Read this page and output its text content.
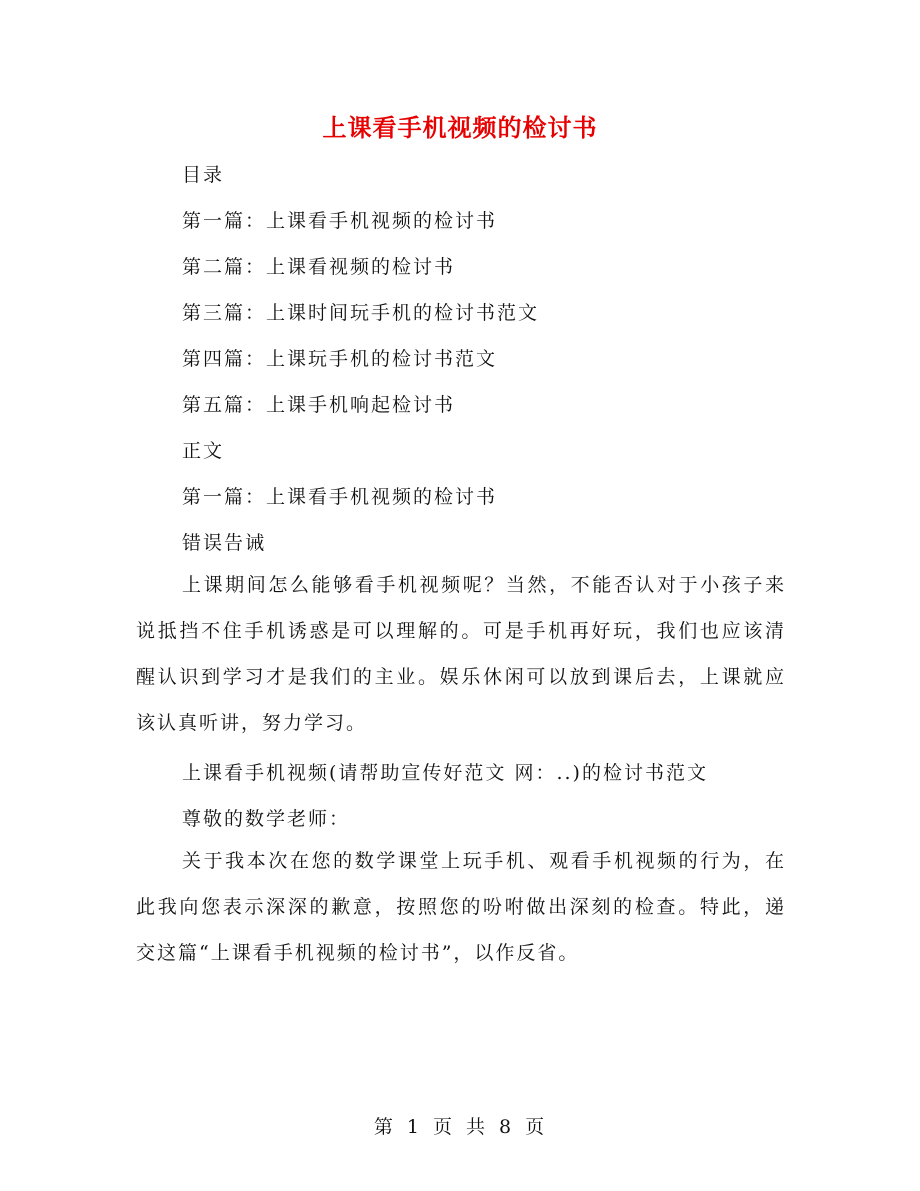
上课看手机视频的检讨书
目录
第一篇：上课看手机视频的检讨书
第二篇：上课看视频的检讨书
第三篇：上课时间玩手机的检讨书范文
第四篇：上课玩手机的检讨书范文
第五篇：上课手机响起检讨书
正文
第一篇：上课看手机视频的检讨书
错误告诫
上课期间怎么能够看手机视频呢？当然，不能否认对于小孩子来说抵挡不住手机诱惑是可以理解的。可是手机再好玩，我们也应该清醒认识到学习才是我们的主业。娱乐休闲可以放到课后去，上课就应该认真听讲，努力学习。
上课看手机视频(请帮助宣传好范文 网：..)的检讨书范文
尊敬的数学老师：
关于我本次在您的数学课堂上玩手机、观看手机视频的行为，在此我向您表示深深的歉意，按照您的吩咐做出深刻的检查。特此，递交这篇“上课看手机视频的检讨书”，以作反省。
第 1 页 共 8 页
